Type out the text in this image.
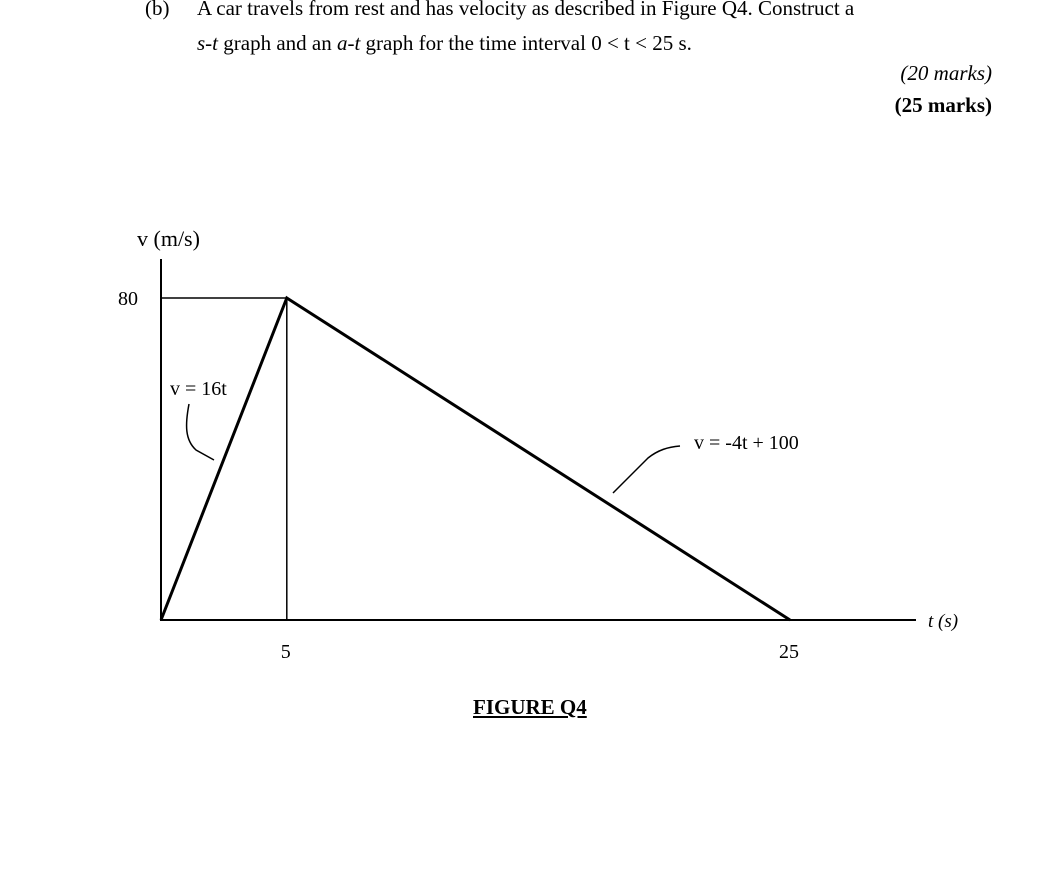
(b) A car travels from rest and has velocity as described in Figure Q4. Construct a
s-t graph and an a-t graph for the time interval 0 < t < 25 s.
(20 marks)
(25 marks)
v (m/s)
80
5	25
t (s)
v = 16t
v = -4t + 100
FIGURE Q4
